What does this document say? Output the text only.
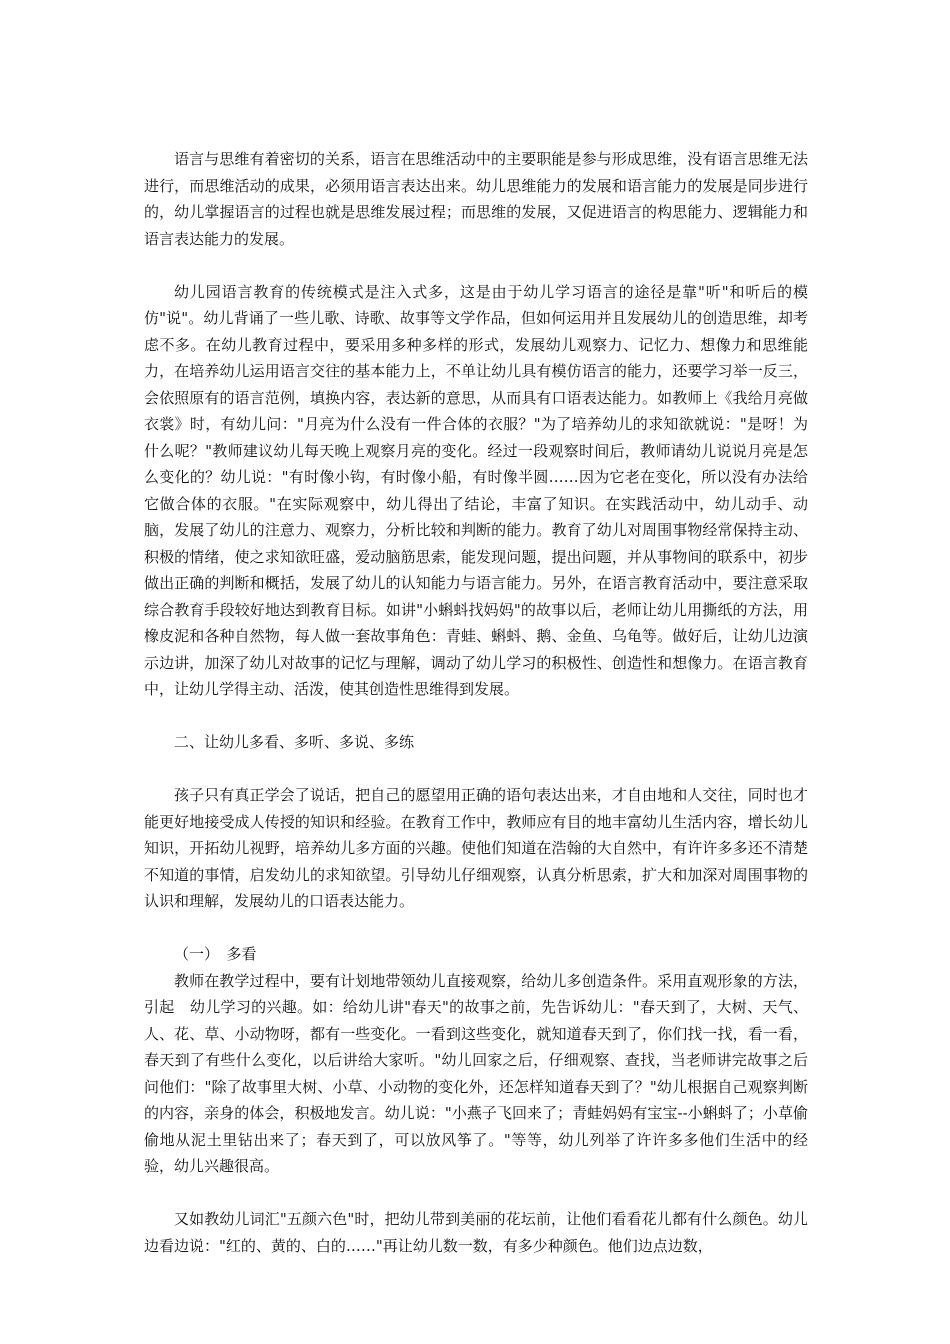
语言与思维有着密切的关系，语言在思维活动中的主要职能是参与形成思维，没有语言思维无法进行，而思维活动的成果，必须用语言表达出来。幼儿思维能力的发展和语言能力的发展是同步进行的，幼儿掌握语言的过程也就是思维发展过程；而思维的发展，又促进语言的构思能力、逻辑能力和语言表达能力的发展。

幼儿园语言教育的传统模式是注入式多，这是由于幼儿学习语言的途径是靠"听"和听后的模仿"说"。幼儿背诵了一些儿歌、诗歌、故事等文学作品，但如何运用并且发展幼儿的创造思维，却考虑不多。在幼儿教育过程中，要采用多种多样的形式，发展幼儿观察力、记忆力、想像力和思维能力，在培养幼儿运用语言交往的基本能力上，不单让幼儿具有模仿语言的能力，还要学习举一反三，会依照原有的语言范例，填换内容，表达新的意思，从而具有口语表达能力。如教师上《我给月亮做衣裳》时，有幼儿问："月亮为什么没有一件合体的衣服？"为了培养幼儿的求知欲就说："是呀！为什么呢？"教师建议幼儿每天晚上观察月亮的变化。经过一段观察时间后，教师请幼儿说说月亮是怎么变化的？幼儿说："有时像小钩，有时像小船，有时像半圆……因为它老在变化，所以没有办法给它做合体的衣服。"在实际观察中，幼儿得出了结论，丰富了知识。在实践活动中，幼儿动手、动脑，发展了幼儿的注意力、观察力，分析比较和判断的能力。教育了幼儿对周围事物经常保持主动、积极的情绪，使之求知欲旺盛，爱动脑筋思索，能发现问题，提出问题，并从事物间的联系中，初步做出正确的判断和概括，发展了幼儿的认知能力与语言能力。另外，在语言教育活动中，要注意采取综合教育手段较好地达到教育目标。如讲"小蝌蚪找妈妈"的故事以后，老师让幼儿用撕纸的方法，用橡皮泥和各种自然物，每人做一套故事角色：青蛙、蝌蚪、鹅、金鱼、乌龟等。做好后，让幼儿边演示边讲，加深了幼儿对故事的记忆与理解，调动了幼儿学习的积极性、创造性和想像力。在语言教育中，让幼儿学得主动、活泼，使其创造性思维得到发展。

二、让幼儿多看、多听、多说、多练

孩子只有真正学会了说话，把自己的愿望用正确的语句表达出来，才自由地和人交往，同时也才能更好地接受成人传授的知识和经验。在教育工作中，教师应有目的地丰富幼儿生活内容，增长幼儿知识，开拓幼儿视野，培养幼儿多方面的兴趣。使他们知道在浩翰的大自然中，有许许多多还不清楚不知道的事情，启发幼儿的求知欲望。引导幼儿仔细观察，认真分析思索，扩大和加深对周围事物的认识和理解，发展幼儿的口语表达能力。

（一）　多看

教师在教学过程中，要有计划地带领幼儿直接观察，给幼儿多创造条件。采用直观形象的方法，引起　幼儿学习的兴趣。如：给幼儿讲"春天"的故事之前，先告诉幼儿："春天到了，大树、天气、人、花、草、小动物呀，都有一些变化。一看到这些变化，就知道春天到了，你们找一找，看一看，春天到了有些什么变化，以后讲给大家听。"幼儿回家之后，仔细观察、查找，当老师讲完故事之后问他们："除了故事里大树、小草、小动物的变化外，还怎样知道春天到了？"幼儿根据自己观察判断的内容，亲身的体会，积极地发言。幼儿说："小燕子飞回来了；青蛙妈妈有宝宝--小蝌蚪了；小草偷偷地从泥土里钻出来了；春天到了，可以放风筝了。"等等，幼儿列举了许许多多他们生活中的经验，幼儿兴趣很高。

又如教幼儿词汇"五颜六色"时，把幼儿带到美丽的花坛前，让他们看看花儿都有什么颜色。幼儿边看边说："红的、黄的、白的……"再让幼儿数一数，有多少种颜色。他们边点边数，
